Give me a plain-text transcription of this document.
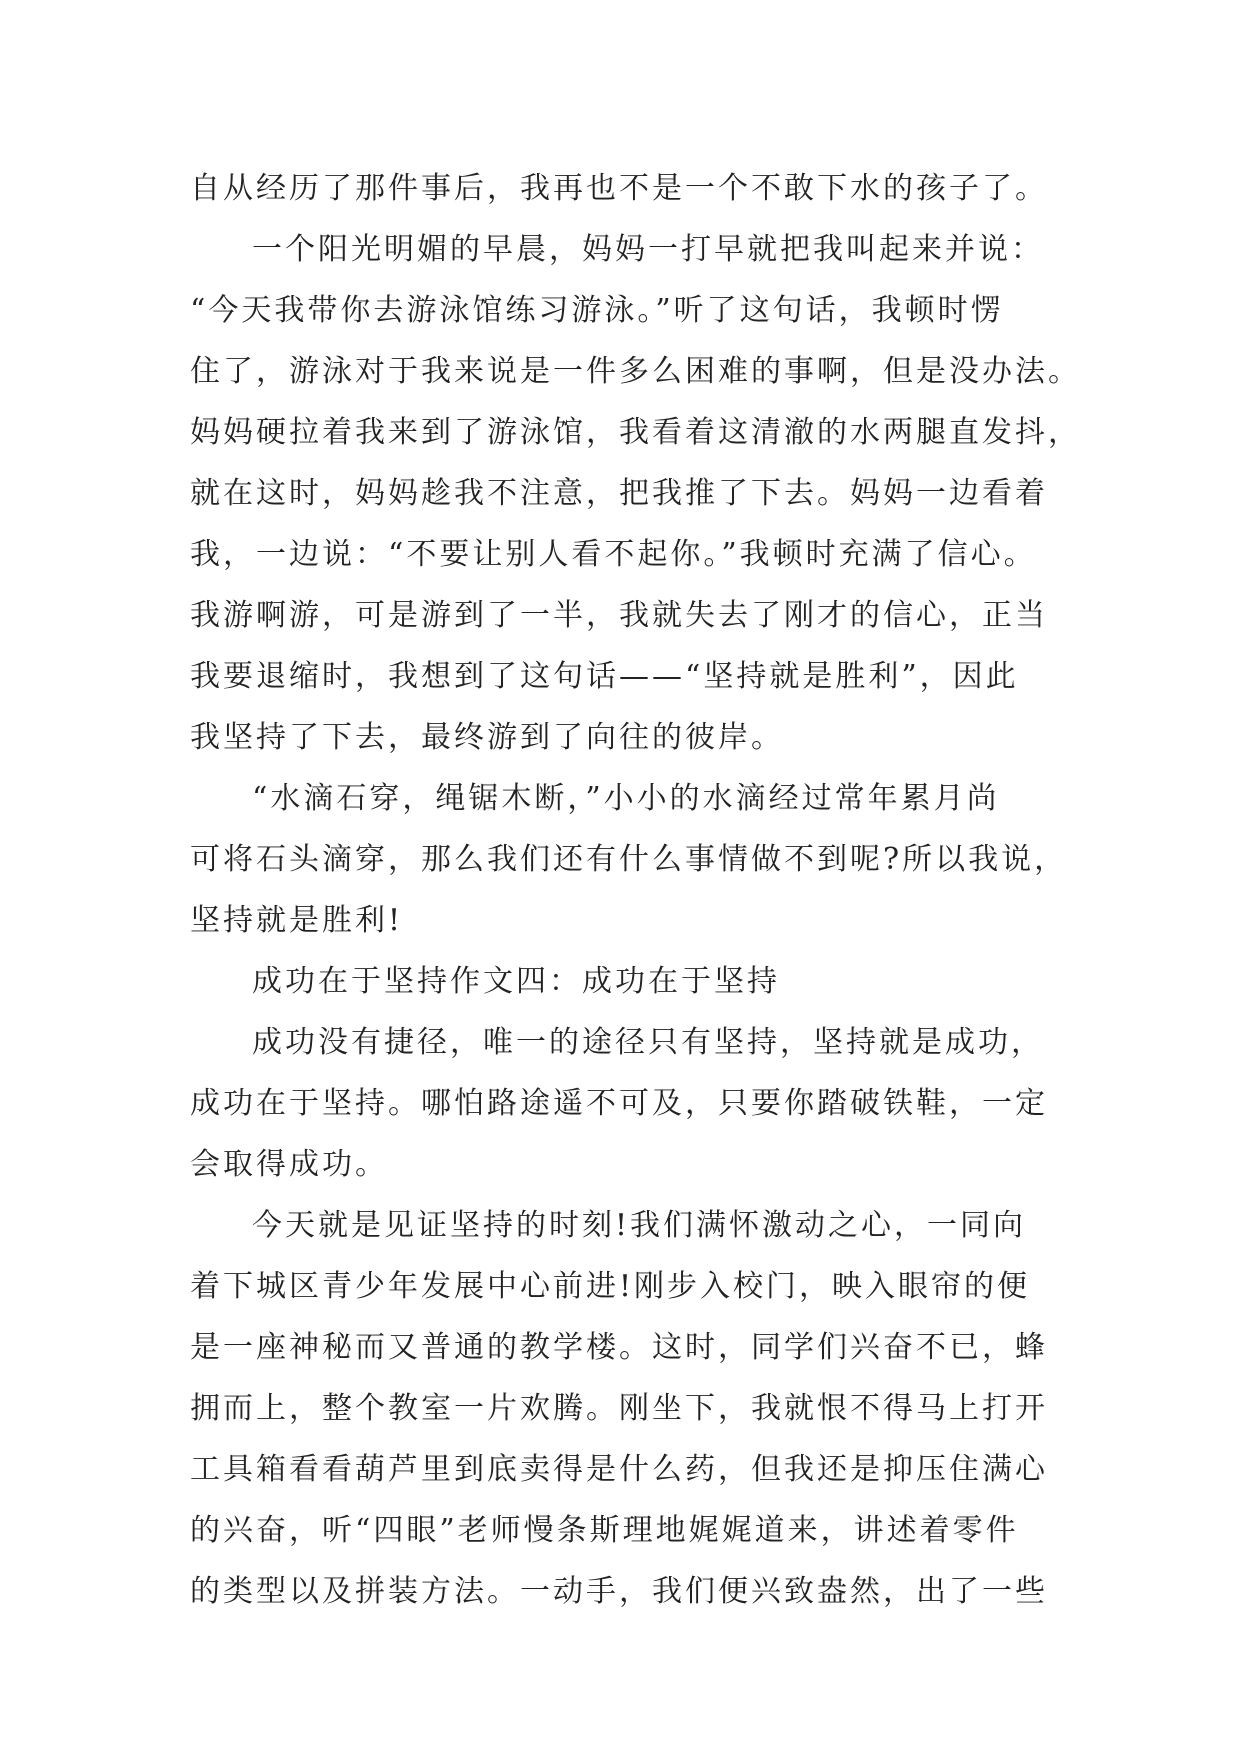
自从经历了那件事后，我再也不是一个不敢下水的孩子了。
一个阳光明媚的早晨，妈妈一打早就把我叫起来并说：
“今天我带你去游泳馆练习游泳。”听了这句话，我顿时愣
住了，游泳对于我来说是一件多么困难的事啊，但是没办法。
妈妈硬拉着我来到了游泳馆，我看着这清澈的水两腿直发抖，
就在这时，妈妈趁我不注意，把我推了下去。妈妈一边看着
我，一边说：“不要让别人看不起你。”我顿时充满了信心。
我游啊游，可是游到了一半，我就失去了刚才的信心，正当
我要退缩时，我想到了这句话——“坚持就是胜利”，因此
我坚持了下去，最终游到了向往的彼岸。
“水滴石穿，绳锯木断，”小小的水滴经过常年累月尚
可将石头滴穿，那么我们还有什么事情做不到呢?所以我说，
坚持就是胜利!
成功在于坚持作文四：成功在于坚持
成功没有捷径，唯一的途径只有坚持，坚持就是成功，
成功在于坚持。哪怕路途遥不可及，只要你踏破铁鞋，一定
会取得成功。
今天就是见证坚持的时刻!我们满怀激动之心，一同向
着下城区青少年发展中心前进!刚步入校门，映入眼帘的便
是一座神秘而又普通的教学楼。这时，同学们兴奋不已，蜂
拥而上，整个教室一片欢腾。刚坐下，我就恨不得马上打开
工具箱看看葫芦里到底卖得是什么药，但我还是抑压住满心
的兴奋，听“四眼”老师慢条斯理地娓娓道来，讲述着零件
的类型以及拼装方法。一动手，我们便兴致盎然，出了一些
